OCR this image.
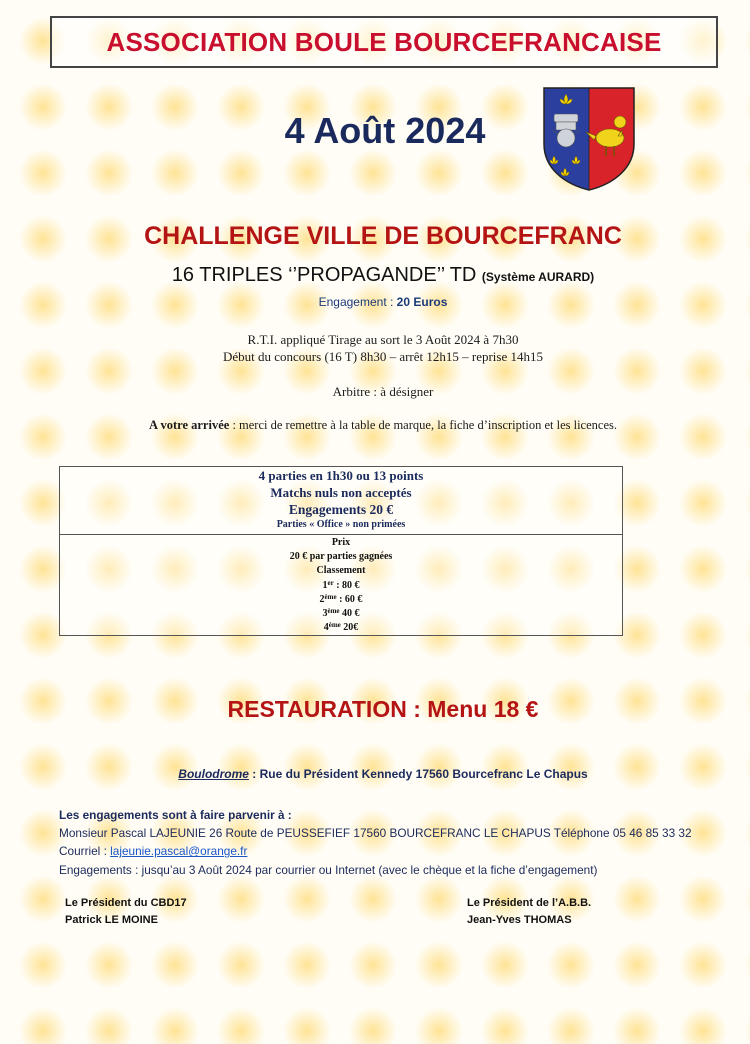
ASSOCIATION BOULE BOURCEFRANCAISE
4 Août 2024
CHALLENGE VILLE DE BOURCEFRANC
16 TRIPLES ‘’PROPAGANDE’’ TD (Système AURARD)
Engagement : 20 Euros
R.T.I. appliqué Tirage au sort le 3 Août 2024 à 7h30
Début du concours (16 T) 8h30 – arrêt 12h15 – reprise 14h15
Arbitre : à désigner
A votre arrivée : merci de remettre à la table de marque, la fiche d’inscription et les licences.
4 parties en 1h30 ou 13 points
Matchs nuls non acceptés
Engagements 20 €
Parties « Office » non primées
Prix
20 € par parties gagnées
Classement
1er : 80 €
2ème : 60 €
3ème 40 €
4ème 20€
RESTAURATION : Menu 18 €
Boulodrome : Rue du Président Kennedy 17560 Bourcefranc Le Chapus
Les engagements sont à faire parvenir à :
Monsieur Pascal LAJEUNIE 26 Route de PEUSSEFIEF 17560 BOURCEFRANC LE CHAPUS Téléphone 05 46 85 33 32
Courriel : lajeunie.pascal@orange.fr
Engagements : jusqu’au 3 Août 2024 par courrier ou Internet (avec le chèque et la fiche d’engagement)
Le Président du CBD17
Patrick LE MOINE
Le Président de l’A.B.B.
Jean-Yves THOMAS
